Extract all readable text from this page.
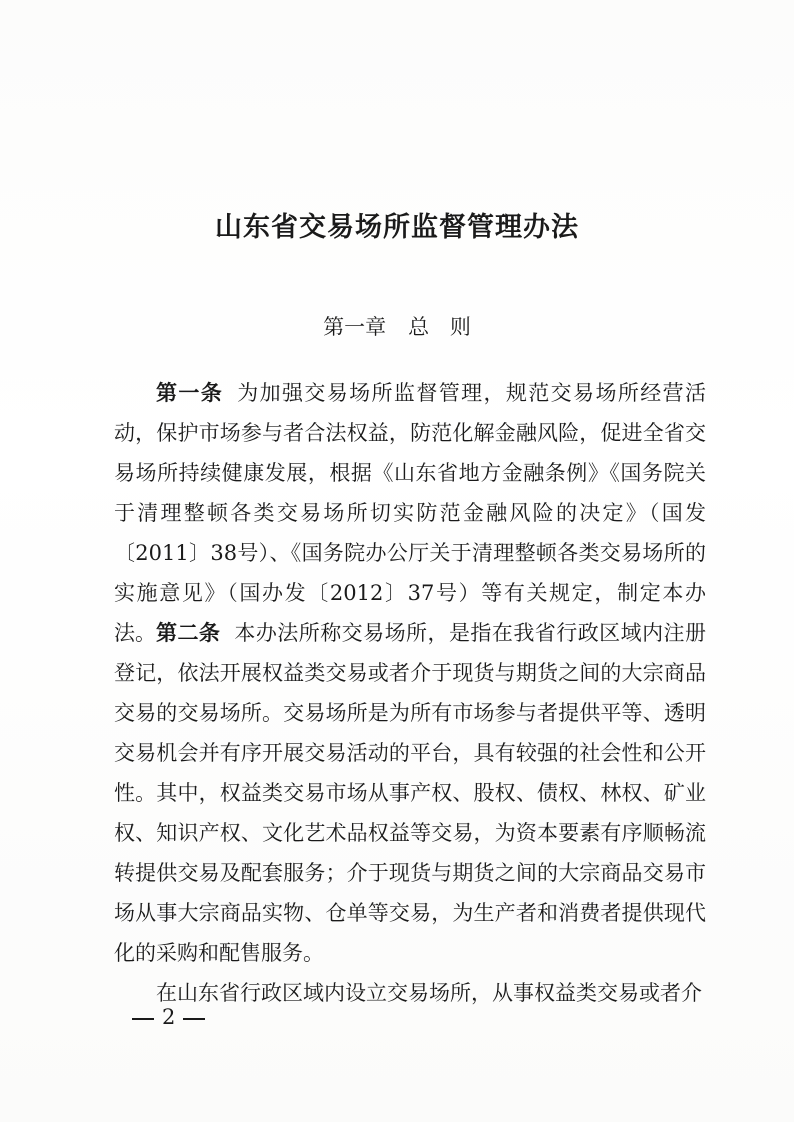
山东省交易场所监督管理办法
第一章 总 则

第一条 为加强交易场所监督管理，规范交易场所经营活动，保护市场参与者合法权益，防范化解金融风险，促进全省交易场所持续健康发展，根据《山东省地方金融条例》《国务院关于清理整顿各类交易场所切实防范金融风险的决定》（国发〔2011〕38号）、《国务院办公厅关于清理整顿各类交易场所的实施意见》（国办发〔2012〕37号）等有关规定，制定本办法。 第二条 本办法所称交易场所，是指在我省行政区域内注册登记，依法开展权益类交易或者介于现货与期货之间的大宗商品交易的交易场所。交易场所是为所有市场参与者提供平等、透明交易机会并有序开展交易活动的平台，具有较强的社会性和公开性。其中，权益类交易市场从事产权、股权、债权、林权、矿业权、知识产权、文化艺术品权益等交易，为资本要素有序顺畅流转提供交易及配套服务；介于现货与期货之间的大宗商品交易市场从事大宗商品实物、仓单等交易，为生产者和消费者提供现代化的采购和配售服务。

在山东省行政区域内设立交易场所，从事权益类交易或者介

2
